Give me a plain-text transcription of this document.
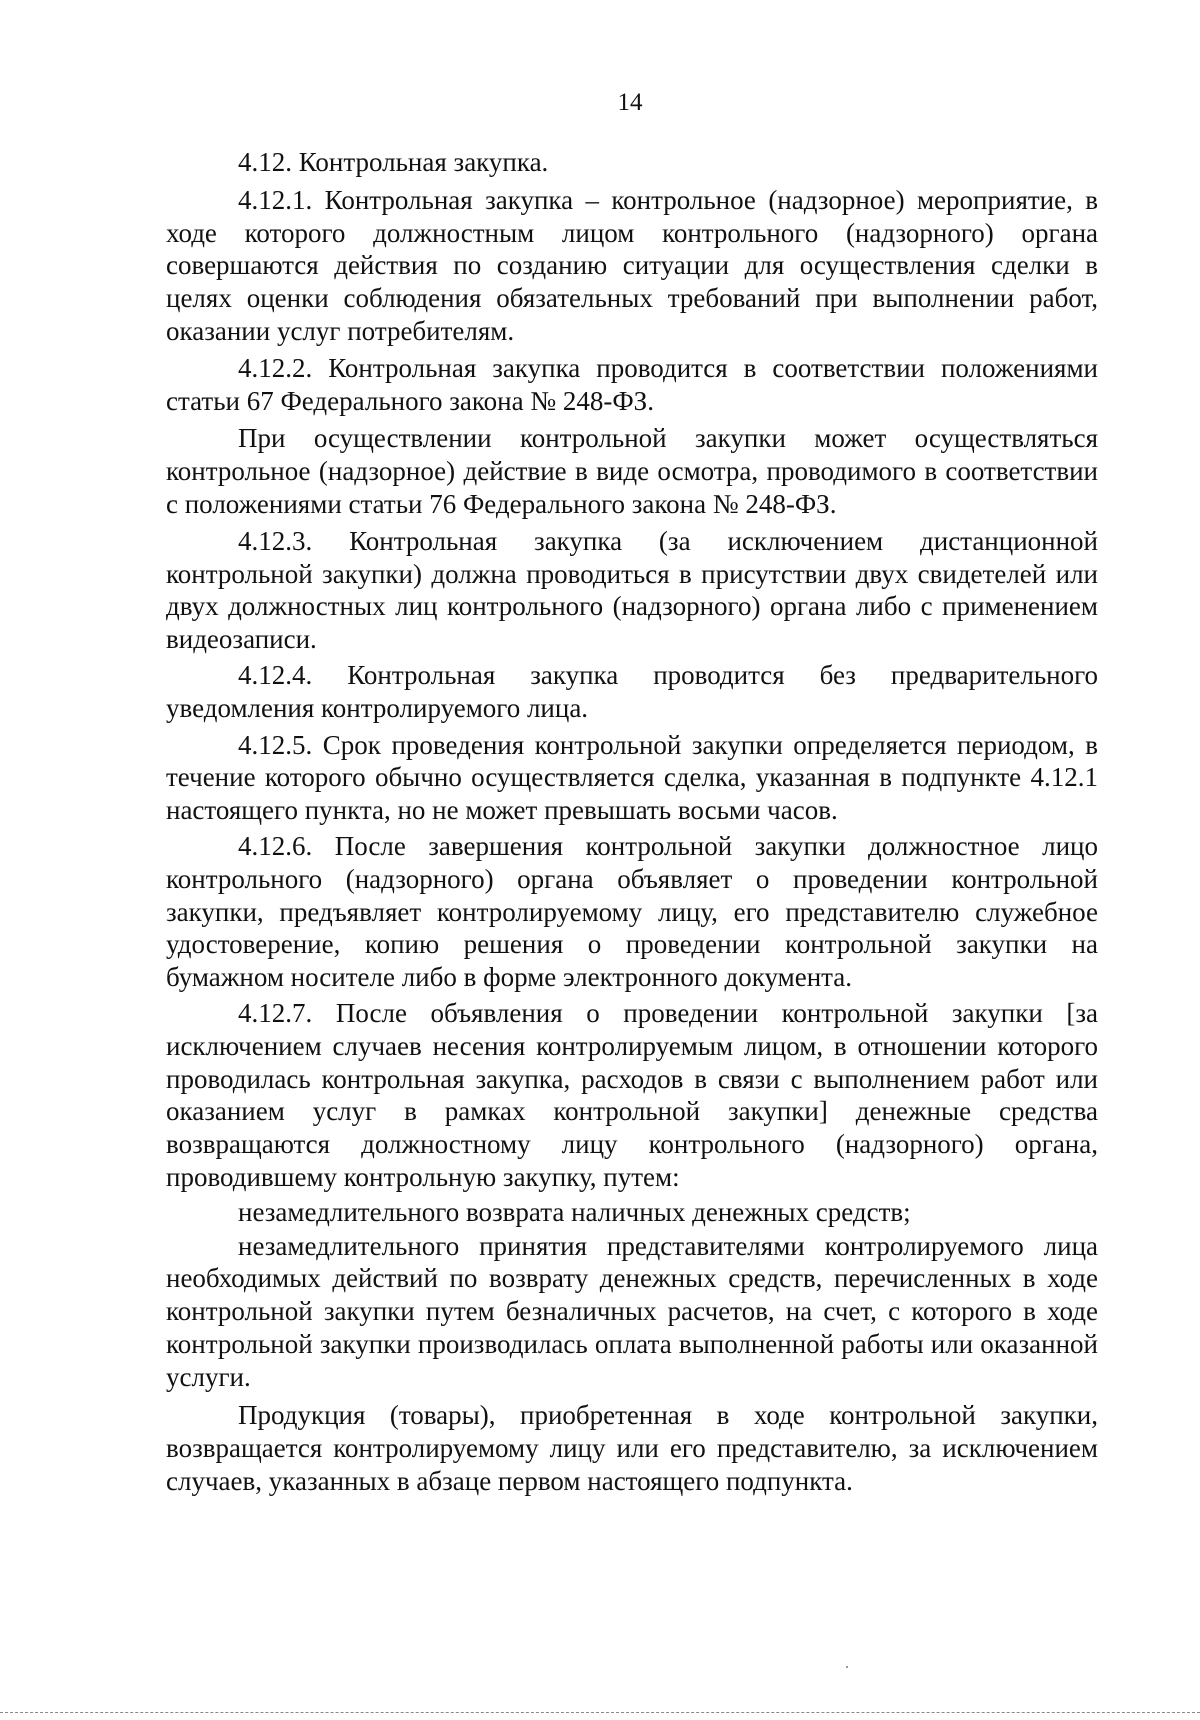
14

4.12. Контрольная закупка.

4.12.1. Контрольная закупка – контрольное (надзорное) мероприятие, в ходе которого должностным лицом контрольного (надзорного) органа совершаются действия по созданию ситуации для осуществления сделки в целях оценки соблюдения обязательных требований при выполнении работ, оказании услуг потребителям.

4.12.2. Контрольная закупка проводится в соответствии положениями статьи 67 Федерального закона № 248-ФЗ.

При осуществлении контрольной закупки может осуществляться контрольное (надзорное) действие в виде осмотра, проводимого в соответствии с положениями статьи 76 Федерального закона № 248-ФЗ.

4.12.3. Контрольная закупка (за исключением дистанционной контрольной закупки) должна проводиться в присутствии двух свидетелей или двух должностных лиц контрольного (надзорного) органа либо с применением видеозаписи.

4.12.4. Контрольная закупка проводится без предварительного уведомления контролируемого лица.

4.12.5. Срок проведения контрольной закупки определяется периодом, в течение которого обычно осуществляется сделка, указанная в подпункте 4.12.1 настоящего пункта, но не может превышать восьми часов.

4.12.6. После завершения контрольной закупки должностное лицо контрольного (надзорного) органа объявляет о проведении контрольной закупки, предъявляет контролируемому лицу, его представителю служебное удостоверение, копию решения о проведении контрольной закупки на бумажном носителе либо в форме электронного документа.

4.12.7. После объявления о проведении контрольной закупки [за исключением случаев несения контролируемым лицом, в отношении которого проводилась контрольная закупка, расходов в связи с выполнением работ или оказанием услуг в рамках контрольной закупки] денежные средства возвращаются должностному лицу контрольного (надзорного) органа, проводившему контрольную закупку, путем:

незамедлительного возврата наличных денежных средств;

незамедлительного принятия представителями контролируемого лица необходимых действий по возврату денежных средств, перечисленных в ходе контрольной закупки путем безналичных расчетов, на счет, с которого в ходе контрольной закупки производилась оплата выполненной работы или оказанной услуги.

Продукция (товары), приобретенная в ходе контрольной закупки, возвращается контролируемому лицу или его представителю, за исключением случаев, указанных в абзаце первом настоящего подпункта.
